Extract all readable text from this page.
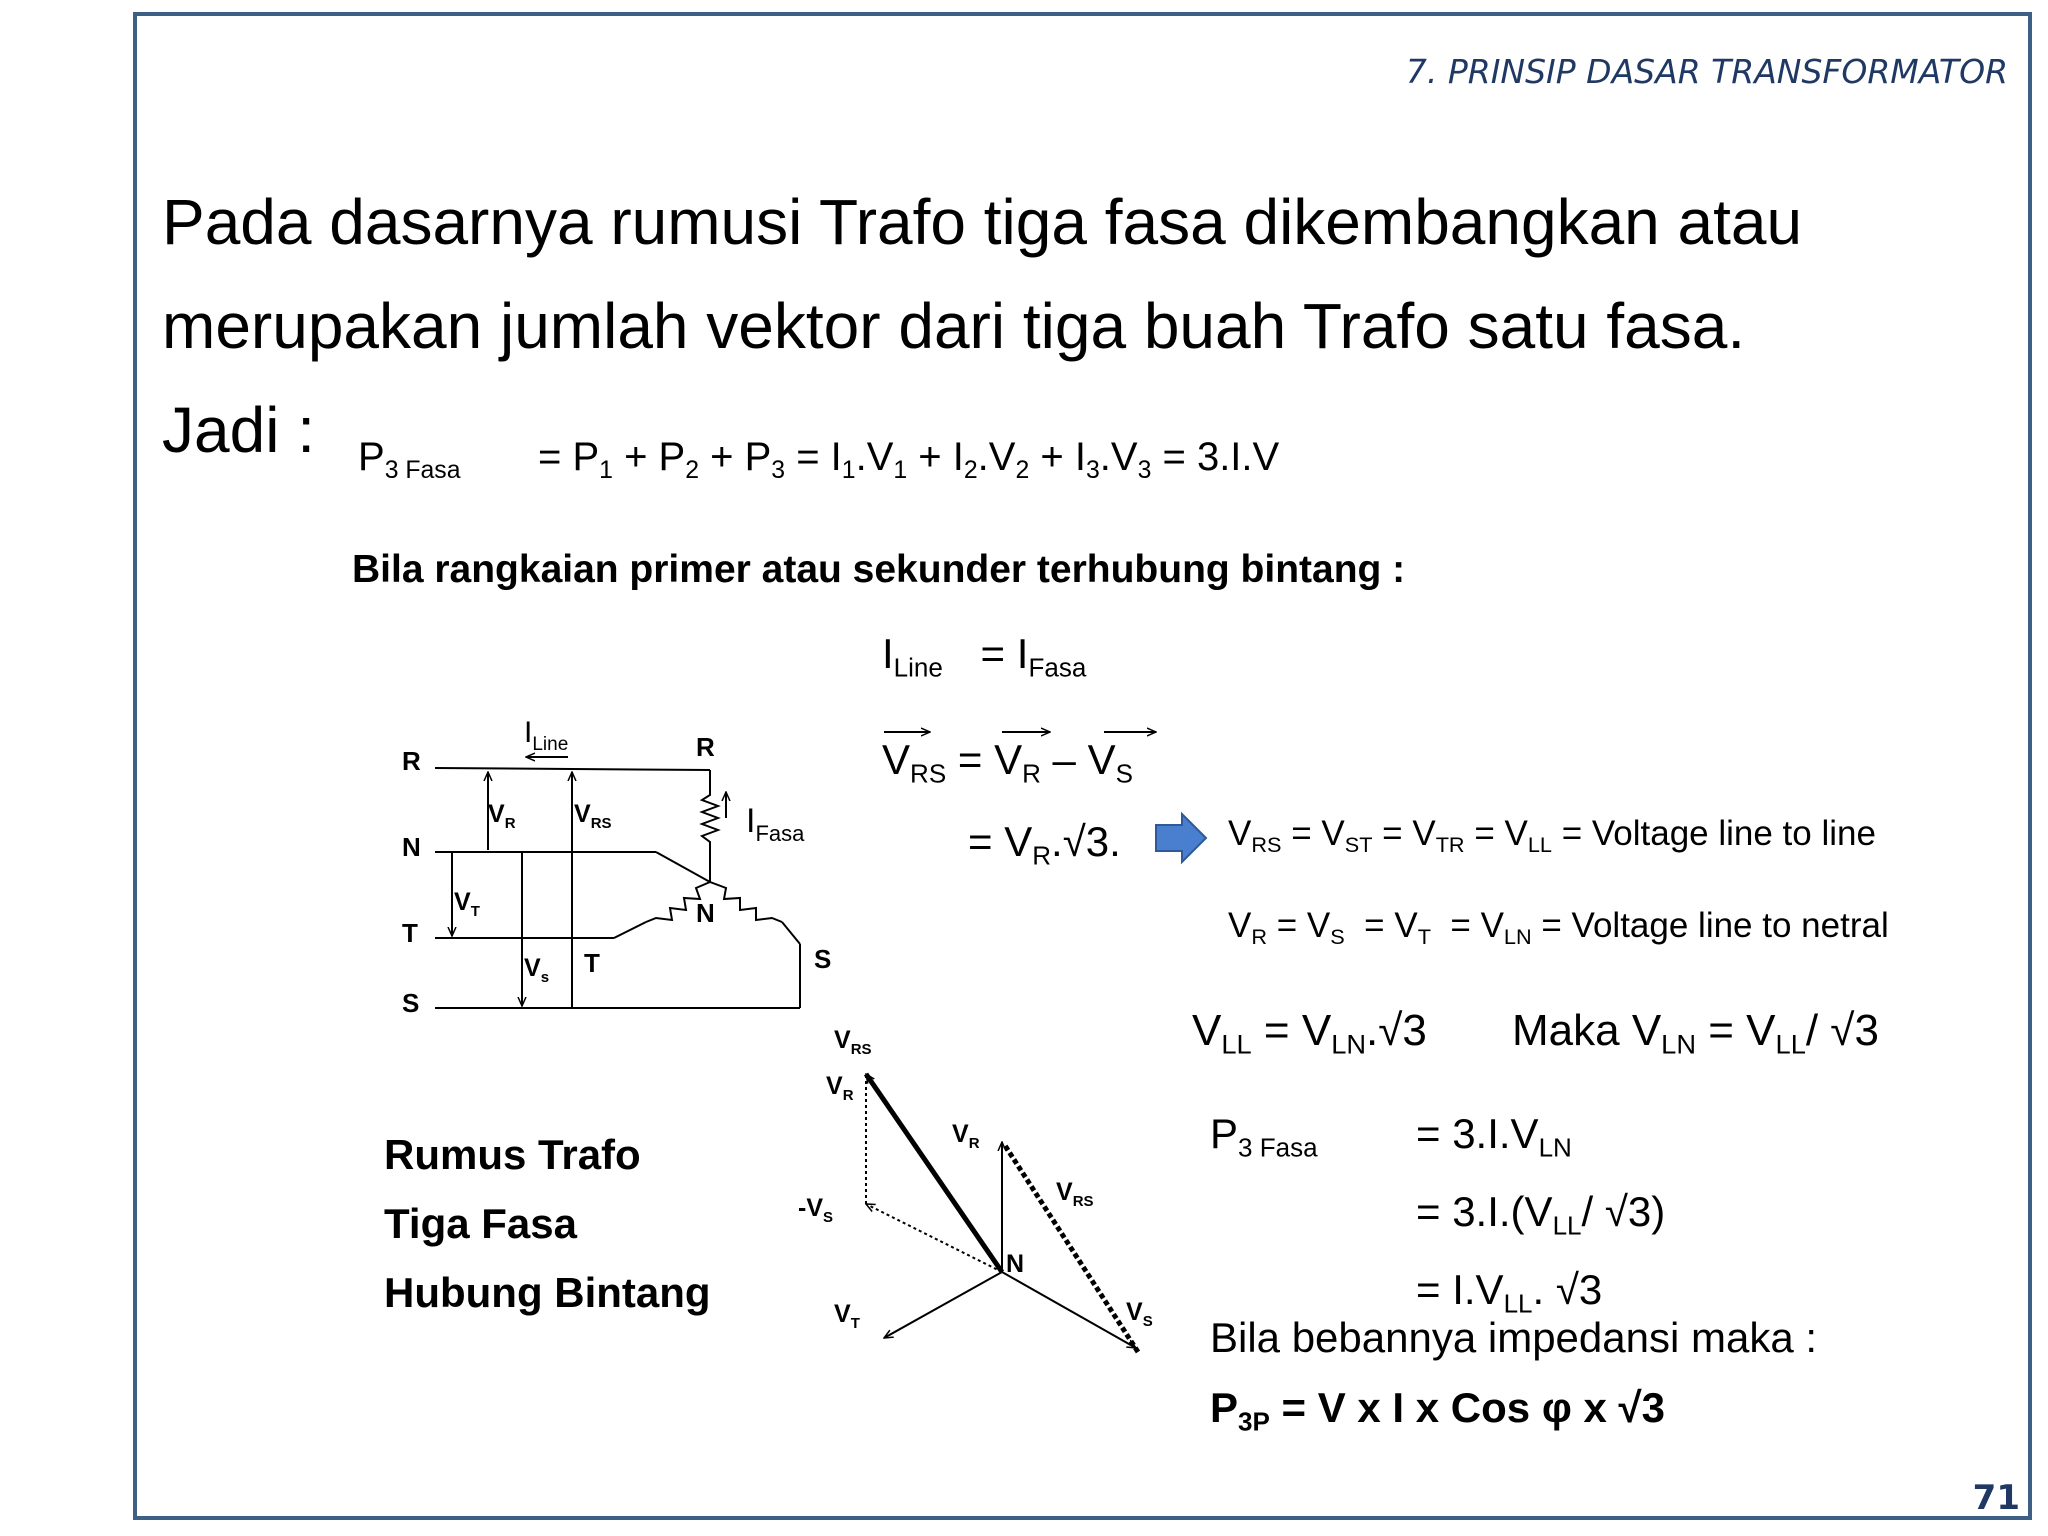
7. PRINSIP DASAR TRANSFORMATOR
71
Pada dasarnya rumusi Trafo tiga fasa dikembangkan atau
merupakan jumlah vektor dari tiga buah Trafo satu fasa.
Jadi :	$P_{3 Fasa} = P_1 + P_2 + P_3 = I_1.V_1 + I_2.V_2 + I_3.V_3 = 3.I.V$
Bila rangkaian primer atau sekunder terhubung bintang :
$I_{Line} = I_{Fasa}$
$V_{RS} = V_R - V_S$
= $V_R.√3$.	$V_{RS} = V_{ST} = V_{TR} = V_{LL}$ = Voltage line to line
$V_R = V_S = V_T = V_{LN}$ = Voltage line to netral
$V_{LL} = V_{LN}.√3$ Maka $V_{LN} = V_{LL}/$ √3
$P_{3 Fasa} = 3.I.V_{LN}$
= $3.I.(V_{LL}/$ √3)
= $I.V_{LL}$. √3
Bila bebannya impedansi maka :
$P_{3P} = V$ x I x Cos φ x √3
Rumus Trafo
Tiga Fasa
Hubung Bintang
R
N
T
S
R
N
T	S
$I_{Line}$
$I_{Fasa}$
$V_R$ $V_{RS}$
$V_T$
$V_s$
$V_{RS}$
$V_R$
$V_R$
$V_{RS}$
$-V_S$
N
$V_T$	$V_S$
